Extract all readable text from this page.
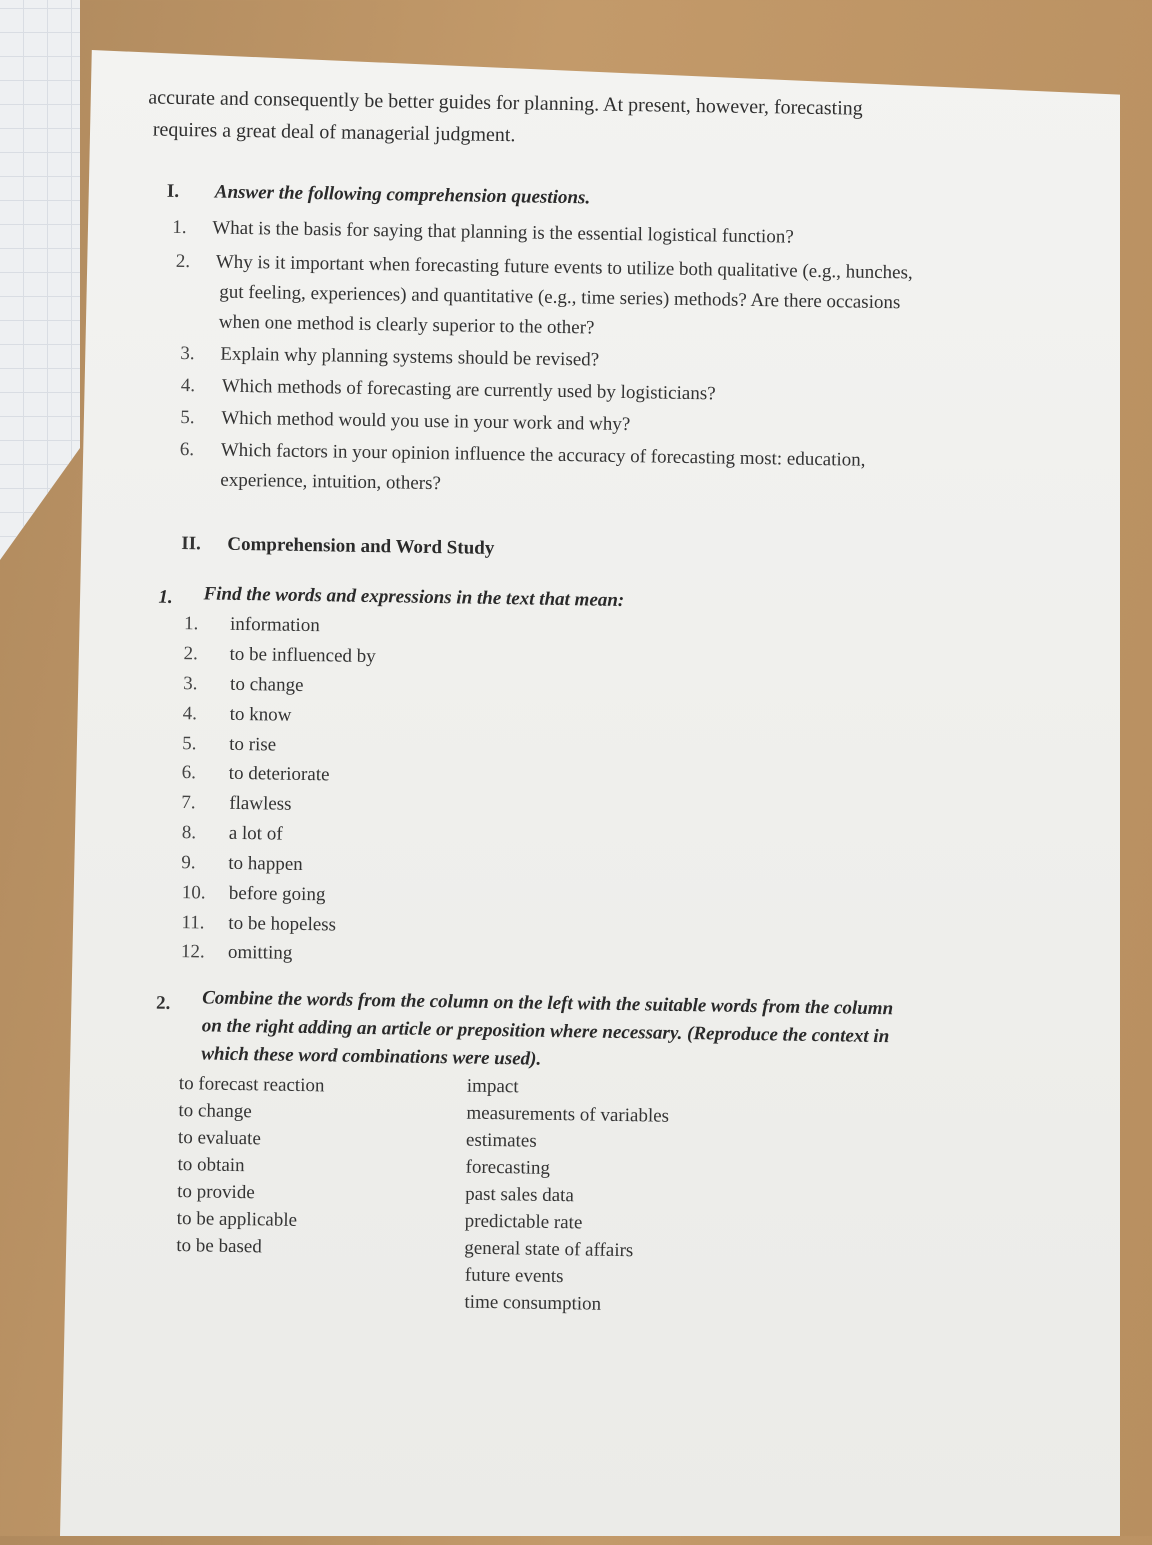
accurate and consequently be better guides for planning. At present, however, forecasting
requires a great deal of managerial judgment.
I. Answer the following comprehension questions.
1. What is the basis for saying that planning is the essential logistical function?
2. Why is it important when forecasting future events to utilize both qualitative (e.g., hunches,
gut feeling, experiences) and quantitative (e.g., time series) methods? Are there occasions
when one method is clearly superior to the other?
3. Explain why planning systems should be revised?
4. Which methods of forecasting are currently used by logisticians?
5. Which method would you use in your work and why?
6. Which factors in your opinion influence the accuracy of forecasting most: education,
experience, intuition, others?
II. Comprehension and Word Study
1. Find the words and expressions in the text that mean:
1. information
2. to be influenced by
3. to change
4. to know
5. to rise
6. to deteriorate
7. flawless
8. a lot of
9. to happen
10. before going
11. to be hopeless
12. omitting
2. Combine the words from the column on the left with the suitable words from the column
on the right adding an article or preposition where necessary. (Reproduce the context in
which these word combinations were used).
to forecast reaction
to change
to evaluate
to obtain
to provide
to be applicable
to be based
impact
measurements of variables
estimates
forecasting
past sales data
predictable rate
general state of affairs
future events
time consumption
